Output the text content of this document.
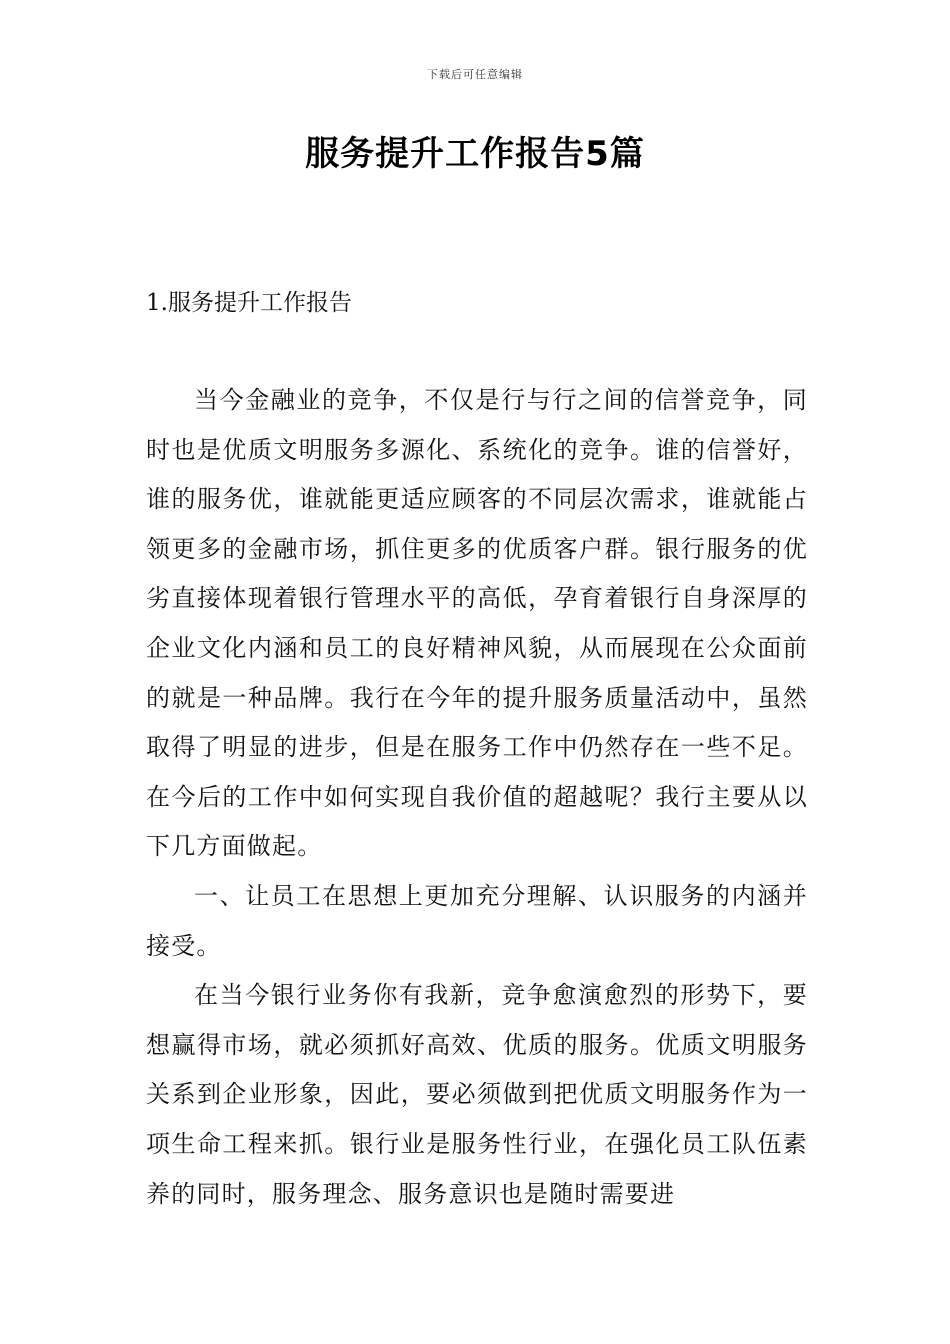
下载后可任意编辑
服务提升工作报告5篇
1.服务提升工作报告

当今金融业的竞争，不仅是行与行之间的信誉竞争，同时也是优质文明服务多源化、系统化的竞争。谁的信誉好，谁的服务优，谁就能更适应顾客的不同层次需求，谁就能占领更多的金融市场，抓住更多的优质客户群。银行服务的优劣直接体现着银行管理水平的高低，孕育着银行自身深厚的企业文化内涵和员工的良好精神风貌，从而展现在公众面前的就是一种品牌。我行在今年的提升服务质量活动中，虽然取得了明显的进步，但是在服务工作中仍然存在一些不足。在今后的工作中如何实现自我价值的超越呢？我行主要从以下几方面做起。

一、让员工在思想上更加充分理解、认识服务的内涵并接受。

在当今银行业务你有我新，竞争愈演愈烈的形势下，要想赢得市场，就必须抓好高效、优质的服务。优质文明服务关系到企业形象，因此，要必须做到把优质文明服务作为一项生命工程来抓。银行业是服务性行业，在强化员工队伍素养的同时，服务理念、服务意识也是随时需要进
